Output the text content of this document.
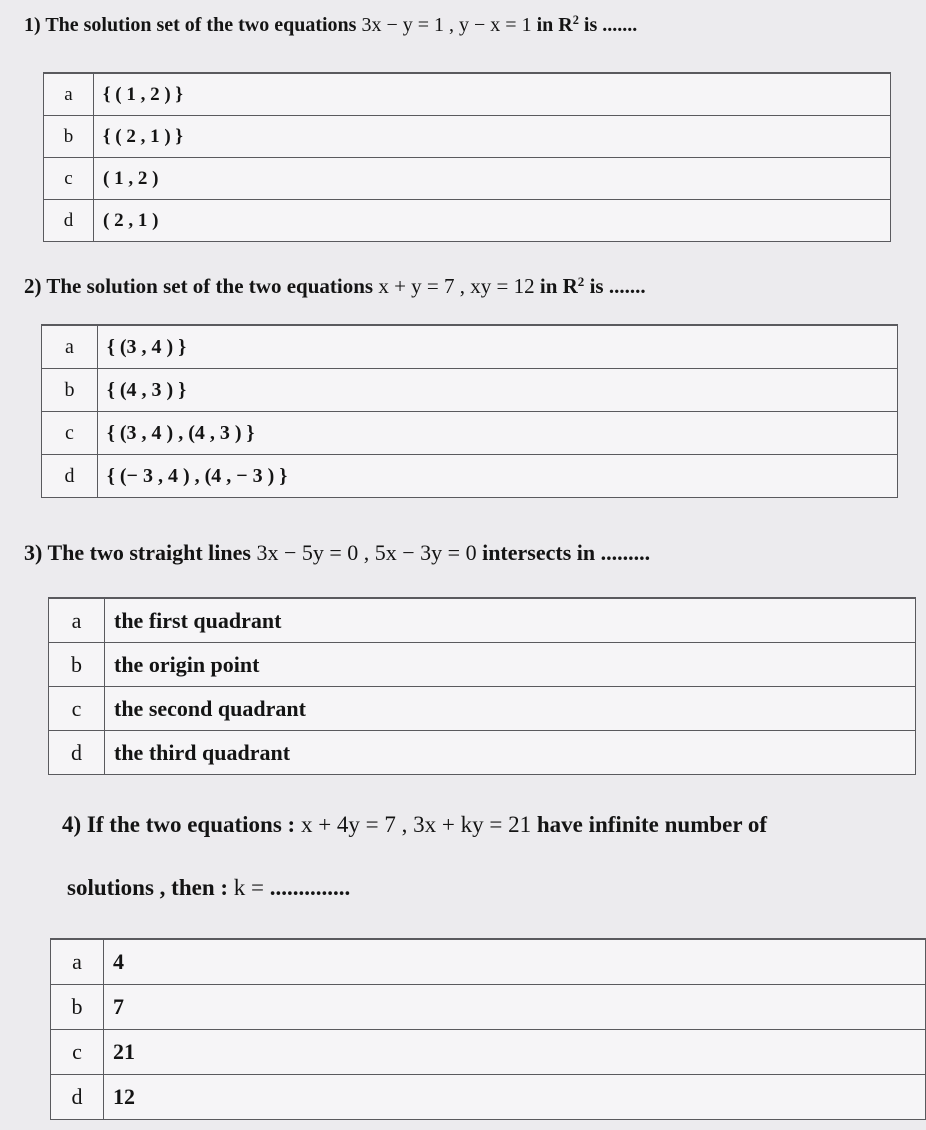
1) The solution set of the two equations 3x − y = 1 , y − x = 1 in $R^2$ is .......
a	{ ( 1 , 2 ) }
b	{ ( 2 , 1 ) }
c	( 1 , 2 )
d	( 2 , 1 )
2) The solution set of the two equations x + y = 7 , xy = 12 in $R^2$ is .......
a	{ (3 , 4 ) }
b	{ (4 , 3 ) }
c	{ (3 , 4 ) , (4 , 3 ) }
d	{ (− 3 , 4 ) , (4 , − 3 ) }
3) The two straight lines 3x − 5y = 0 , 5x − 3y = 0 intersects in .........
a	the first quadrant
b	the origin point
c	the second quadrant
d	the third quadrant
4) If the two equations : x + 4y = 7 , 3x + ky = 21 have infinite number of
solutions , then : k = ..............
a	4
b	7
c	21
d	12
